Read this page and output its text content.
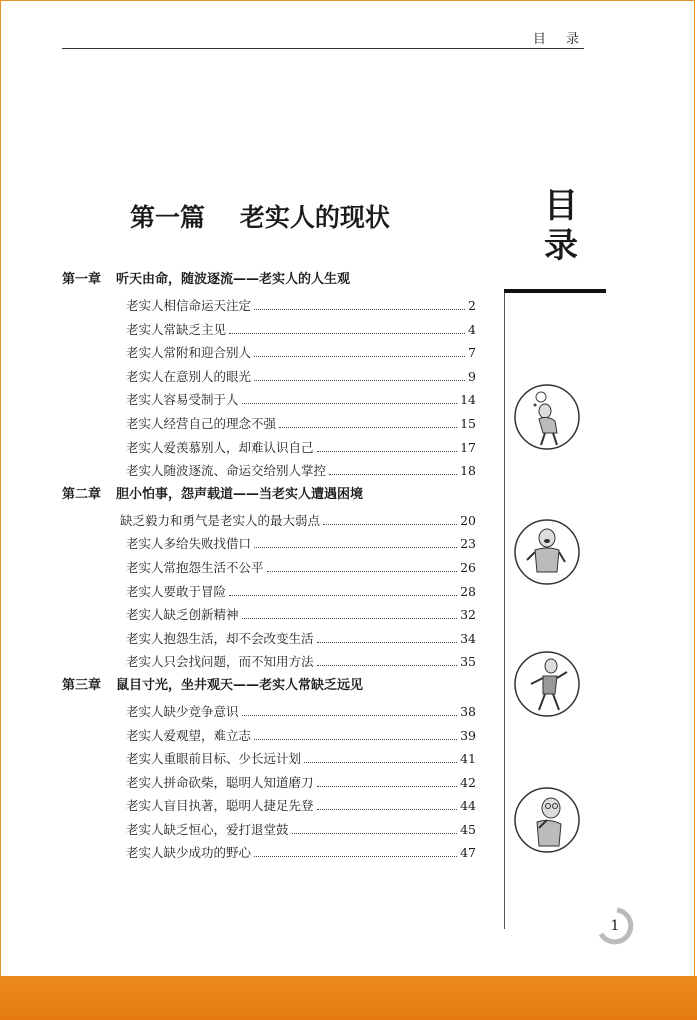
目 录
第一篇    老实人的现状	目
录
第一章 听天由命，随波逐流——老实人的人生观
老实人相信命运天注定	2
老实人常缺乏主见	4
老实人常附和迎合别人	7
老实人在意别人的眼光	9
老实人容易受制于人	14
老实人经营自己的理念不强	15
老实人爱羡慕别人，却难认识自己	17
老实人随波逐流、命运交给别人掌控	18
第二章 胆小怕事，怨声载道——当老实人遭遇困境
缺乏毅力和勇气是老实人的最大弱点	20
老实人多给失败找借口	23
老实人常抱怨生活不公平	26
老实人要敢于冒险	28
老实人缺乏创新精神	32
老实人抱怨生活，却不会改变生活	34
老实人只会找问题，而不知用方法	35
第三章 鼠目寸光，坐井观天——老实人常缺乏远见
老实人缺少竞争意识	38
老实人爱观望，难立志	39
老实人重眼前目标、少长远计划	41
老实人拼命砍柴，聪明人知道磨刀	42
老实人盲目执著，聪明人捷足先登	44
老实人缺乏恒心，爱打退堂鼓	45
老实人缺少成功的野心	47
1
